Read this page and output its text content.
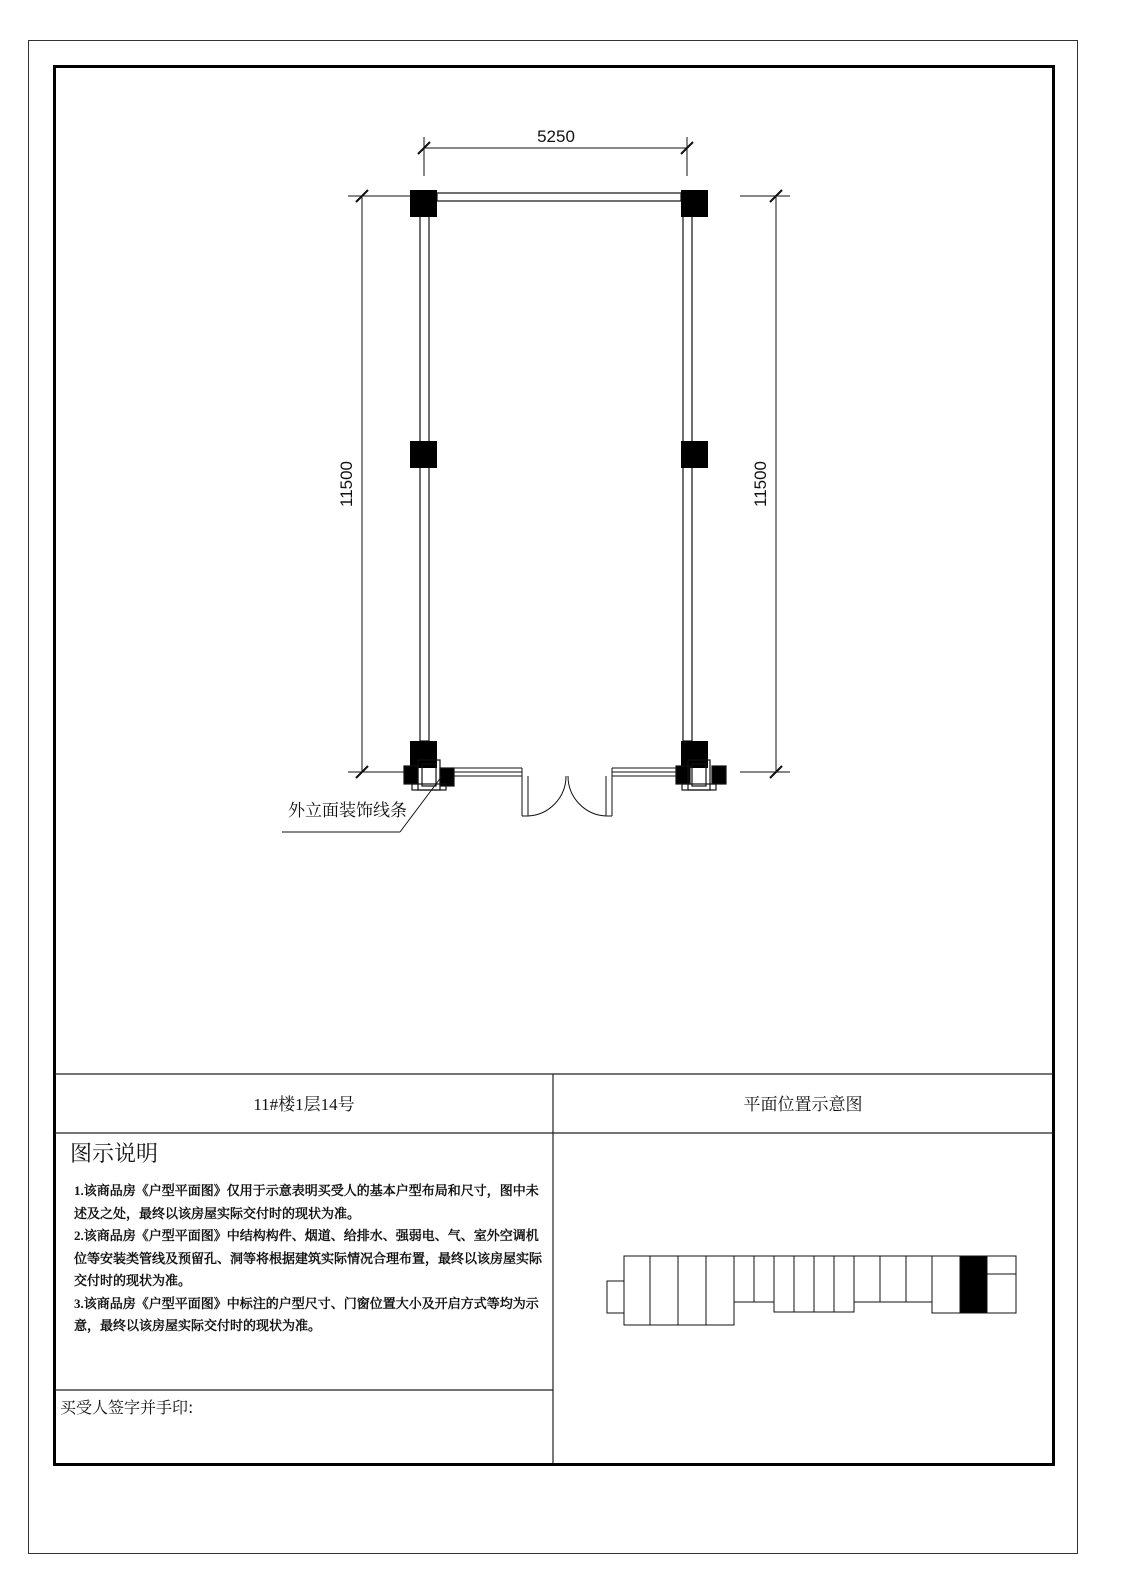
5250
11500	11500
外立面装饰线条
11#楼1层14号	平面位置示意图
图示说明
1.该商品房《户型平面图》仅用于示意表明买受人的基本户型布局和尺寸，图中未述及之处，最终以该房屋实际交付时的现状为准。
2.该商品房《户型平面图》中结构构件、烟道、给排水、强弱电、气、室外空调机位等安装类管线及预留孔、洞等将根据建筑实际情况合理布置，最终以该房屋实际交付时的现状为准。
3.该商品房《户型平面图》中标注的户型尺寸、门窗位置大小及开启方式等均为示意，最终以该房屋实际交付时的现状为准。
买受人签字并手印:
